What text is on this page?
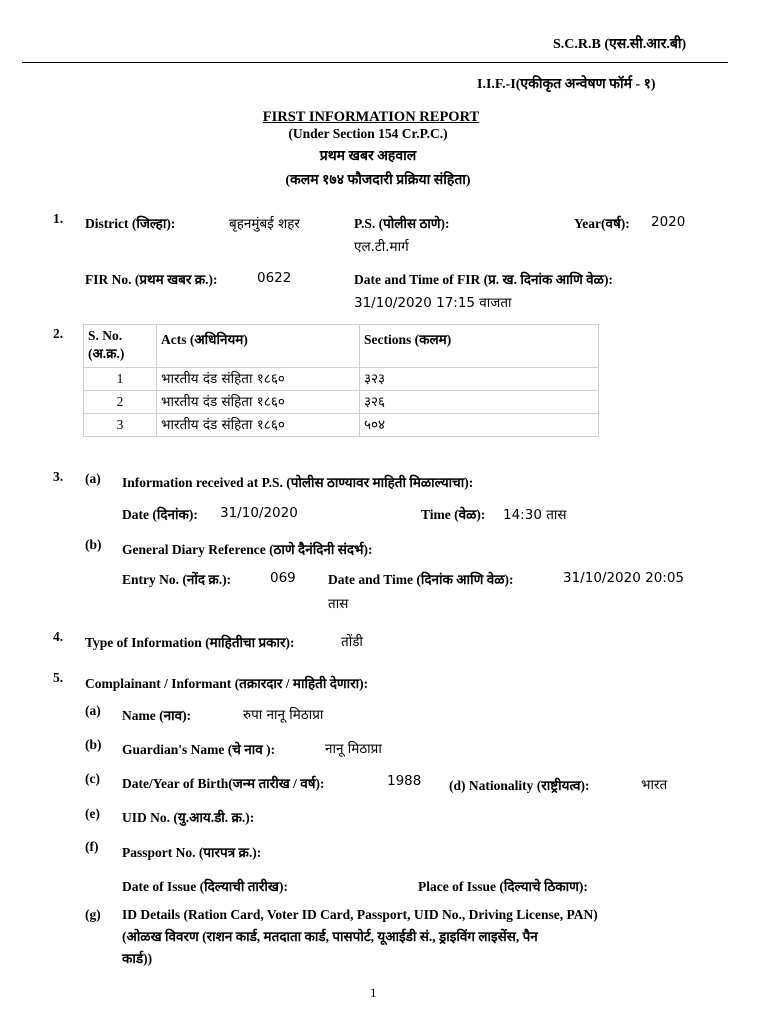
S.C.R.B (एस.सी.आर.बी)
I.I.F.-I(एकीकृत अन्वेषण फॉर्म - १)
FIRST INFORMATION REPORT
(Under Section 154 Cr.P.C.)
प्रथम खबर अहवाल
(कलम १७४ फौजदारी प्रक्रिया संहिता)
1. District (जिल्हा):	बृहनमुंबई शहर	P.S. (पोलीस ठाणे):
एल.टी.मार्ग
Year(वर्ष): 2020
FIR No. (प्रथम खबर क्र.):	0622	Date and Time of FIR (प्र. ख. दिनांक आणि वेळ):
31/10/2020 17:15 वाजता
2. S. No.
(अ.क्र.)	Acts (अधिनियम)	Sections (कलम)

1	भारतीय दंड संहिता १८६०	३२३
2	भारतीय दंड संहिता १८६०	३२६
3	भारतीय दंड संहिता १८६०	५०४
3. (a) Information received at P.S. (पोलीस ठाण्यावर माहिती मिळाल्याचा):
Date (दिनांक): 31/10/2020	Time (वेळ): 14:30 तास
(b) General Diary Reference (ठाणे दैनंदिनी संदर्भ):
Entry No. (नोंद क्र.):	069 Date and Time (दिनांक आणि वेळ):	31/10/2020 20:05
तास
4. Type of Information (माहितीचा प्रकार):	तोंडी
5. Complainant / Informant (तक्रारदार / माहिती देणारा):
(a) Name (नाव):	रुपा नानू मिठाप्रा
(b) Guardian's Name (चे नाव ):	नानू मिठाप्रा
(c) Date/Year of Birth(जन्म तारीख / वर्ष):	1988 (d) Nationality (राष्ट्रीयत्व):	भारत
(e) UID No. (यु.आय.डी. क्र.):
(f) Passport No. (पारपत्र क्र.):
Date of Issue (दिल्याची तारीख):	Place of Issue (दिल्याचे ठिकाण):
(g) ID Details (Ration Card, Voter ID Card, Passport, UID No., Driving License, PAN)
(ओळख विवरण (राशन कार्ड, मतदाता कार्ड, पासपोर्ट, यूआईडी सं., ड्राइविंग लाइसेंस, पैन
कार्ड))
1
